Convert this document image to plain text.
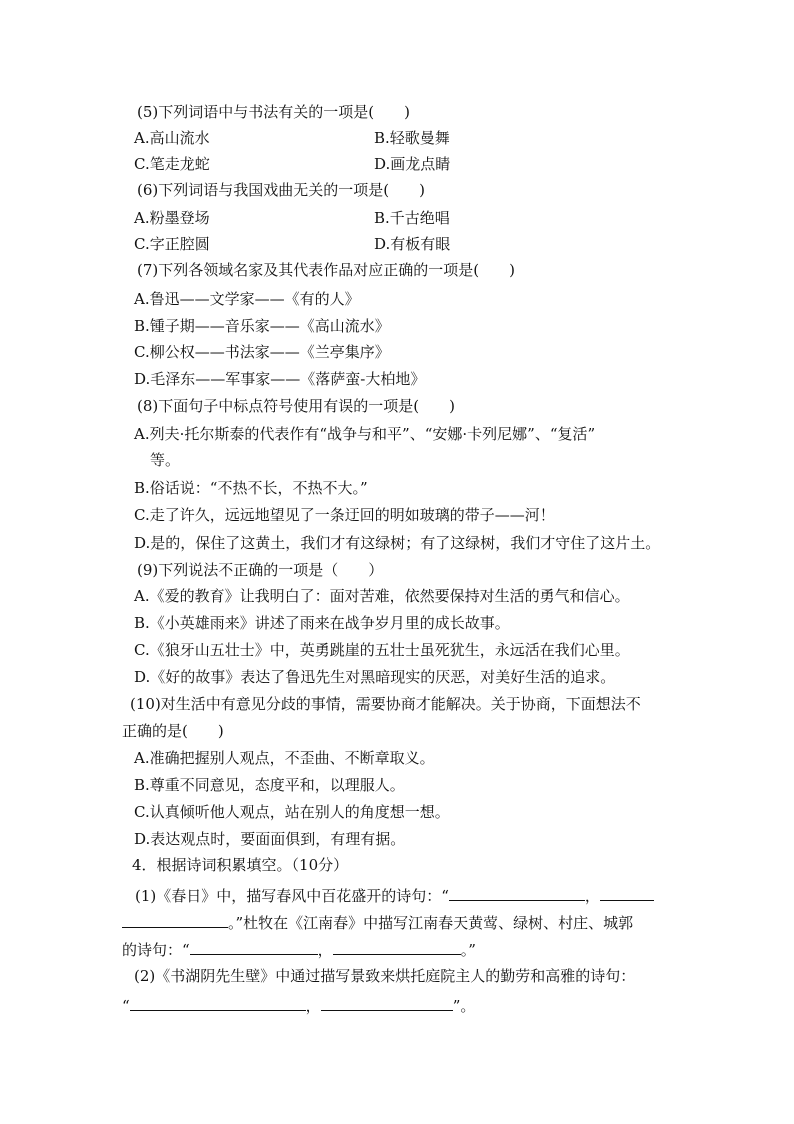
(5)下列词语中与书法有关的一项是(　　)
A.高山流水	B.轻歌曼舞
C.笔走龙蛇	D.画龙点睛
(6)下列词语与我国戏曲无关的一项是(　　)
A.粉墨登场	B.千古绝唱
C.字正腔圆	D.有板有眼
(7)下列各领域名家及其代表作品对应正确的一项是(　　)
A.鲁迅——文学家——《有的人》
B.锺子期——音乐家——《高山流水》
C.柳公权——书法家——《兰亭集序》
D.毛泽东——军事家——《落萨蛮-大柏地》
(8)下面句子中标点符号使用有误的一项是(　　)
A.列夫·托尔斯泰的代表作有“战争与和平”、“安娜·卡列尼娜”、“复活”
等。
B.俗话说：“不热不长，不热不大。”
C.走了许久，远远地望见了一条迂回的明如玻璃的带子——河！
D.是的，保住了这黄土，我们才有这绿树；有了这绿树，我们才守住了这片土。
(9)下列说法不正确的一项是（　　）
A.《爱的教育》让我明白了：面对苦难，依然要保持对生活的勇气和信心。
B.《小英雄雨来》讲述了雨来在战争岁月里的成长故事。
C.《狼牙山五壮士》中，英勇跳崖的五壮士虽死犹生，永远活在我们心里。
D.《好的故事》表达了鲁迅先生对黑暗现实的厌恶，对美好生活的追求。
(10)对生活中有意见分歧的事情，需要协商才能解决。关于协商，下面想法不
正确的是(　　)
A.准确把握别人观点，不歪曲、不断章取义。
B.尊重不同意见，态度平和，以理服人。
C.认真倾听他人观点，站在别人的角度想一想。
D.表达观点时，要面面俱到，有理有据。
4．根据诗词积累填空。（10分）
(1)《春日》中，描写春风中百花盛开的诗句：“	，
。”杜牧在《江南春》中描写江南春天黄莺、绿树、村庄、城郭
的诗句：“	，	。”
(2)《书湖阴先生壁》中通过描写景致来烘托庭院主人的勤劳和高雅的诗句：
“	，	”。
